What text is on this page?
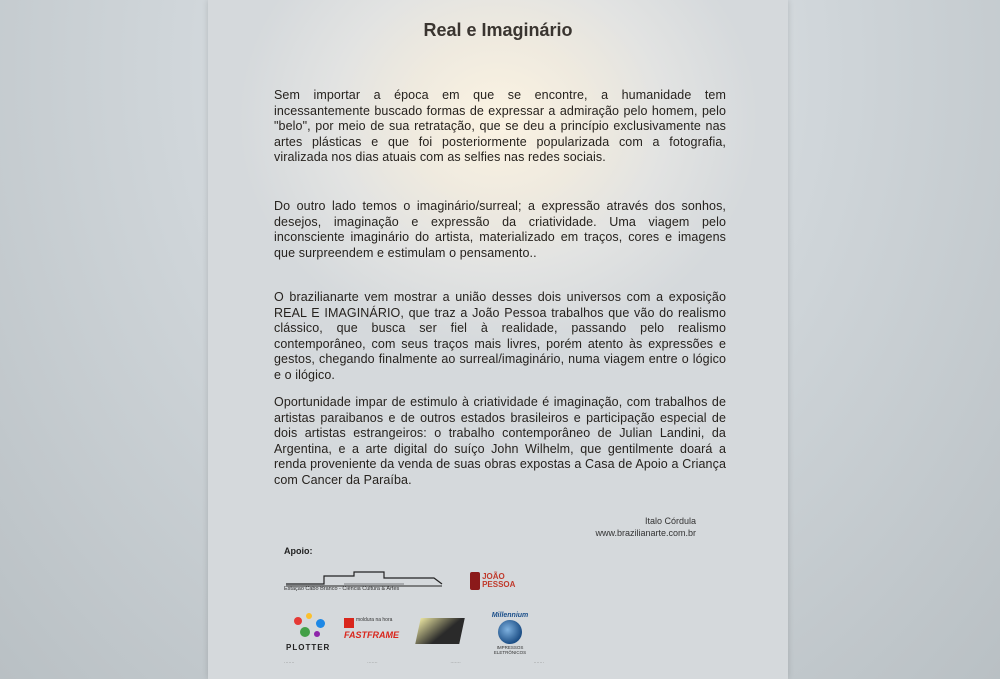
Real e Imaginário

Sem importar a época em que se encontre, a humanidade tem incessantemente buscado formas de expressar a admiração pelo homem, pelo "belo", por meio de sua retratação, que se deu a princípio exclusivamente nas artes plásticas e que foi posteriormente popularizada com a fotografia, viralizada nos dias atuais com as selfies nas redes sociais.

Do outro lado temos o imaginário/surreal; a expressão através dos sonhos, desejos, imaginação e expressão da criatividade. Uma viagem pelo inconsciente imaginário do artista, materializado em traços, cores e imagens que surpreendem e estimulam o pensamento..

O brazilianarte vem mostrar a união desses dois universos com a exposição REAL E IMAGINÁRIO, que traz a João Pessoa trabalhos que vão do realismo clássico, que busca ser fiel à realidade, passando pelo realismo contemporâneo, com seus traços mais livres, porém atento às expressões e gestos, chegando finalmente ao surreal/imaginário, numa viagem entre o lógico e o ilógico.

Oportunidade impar de estimulo à criatividade é imaginação, com trabalhos de artistas paraibanos e de outros estados brasileiros e participação especial de dois artistas estrangeiros: o trabalho contemporâneo de Julian Landini, da Argentina, e a arte digital do suíço John Wilhelm, que gentilmente doará a renda proveniente da venda de suas obras expostas a Casa de Apoio a Criança com Cancer da Paraíba.

Italo Córdula
www.brazilianarte.com.br
Apoio:
Estação Cabo Branco - Ciência Cultura & Artes
JOÃO PESSOA
PLOTTER
moldura na hora
FASTFRAME
Millennium
IMPRESSOS ELETRÔNICOS
·······	·······	·······	·······
